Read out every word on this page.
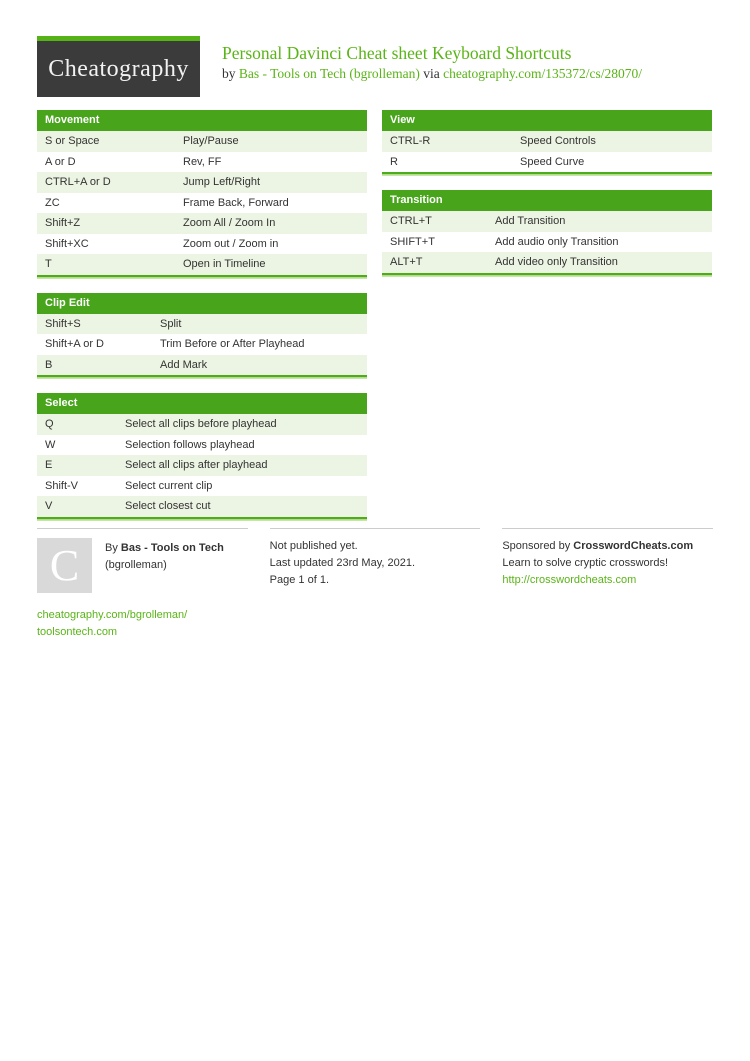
Cheatography
Personal Davinci Cheat sheet Keyboard Shortcuts

by Bas - Tools on Tech (bgrolleman) via cheatography.com/135372/cs/28070/

Movement
S or Space	Play/Pause
A or D	Rev, FF
CTRL+A or D	Jump Left/Right
ZC	Frame Back, Forward
Shift+Z	Zoom All / Zoom In
Shift+XC	Zoom out / Zoom in
T	Open in Timeline
Clip Edit
Shift+S	Split
Shift+A or D	Trim Before or After Playhead
B	Add Mark
Select
Q	Select all clips before playhead
W	Selection follows playhead
E	Select all clips after playhead
Shift-V	Select current clip
V	Select closest cut
View
CTRL-R	Speed Controls
R	Speed Curve
Transition
CTRL+T	Add Transition
SHIFT+T	Add audio only Transition
ALT+T	Add video only Transition
C By Bas - Tools on Tech
(bgrolleman)
cheatography.com/bgrolleman/
toolsontech.com

Not published yet.

Last updated 23rd May, 2021.

Page 1 of 1.

Sponsored by CrosswordCheats.com

Learn to solve cryptic crosswords!

http://crosswordcheats.com
